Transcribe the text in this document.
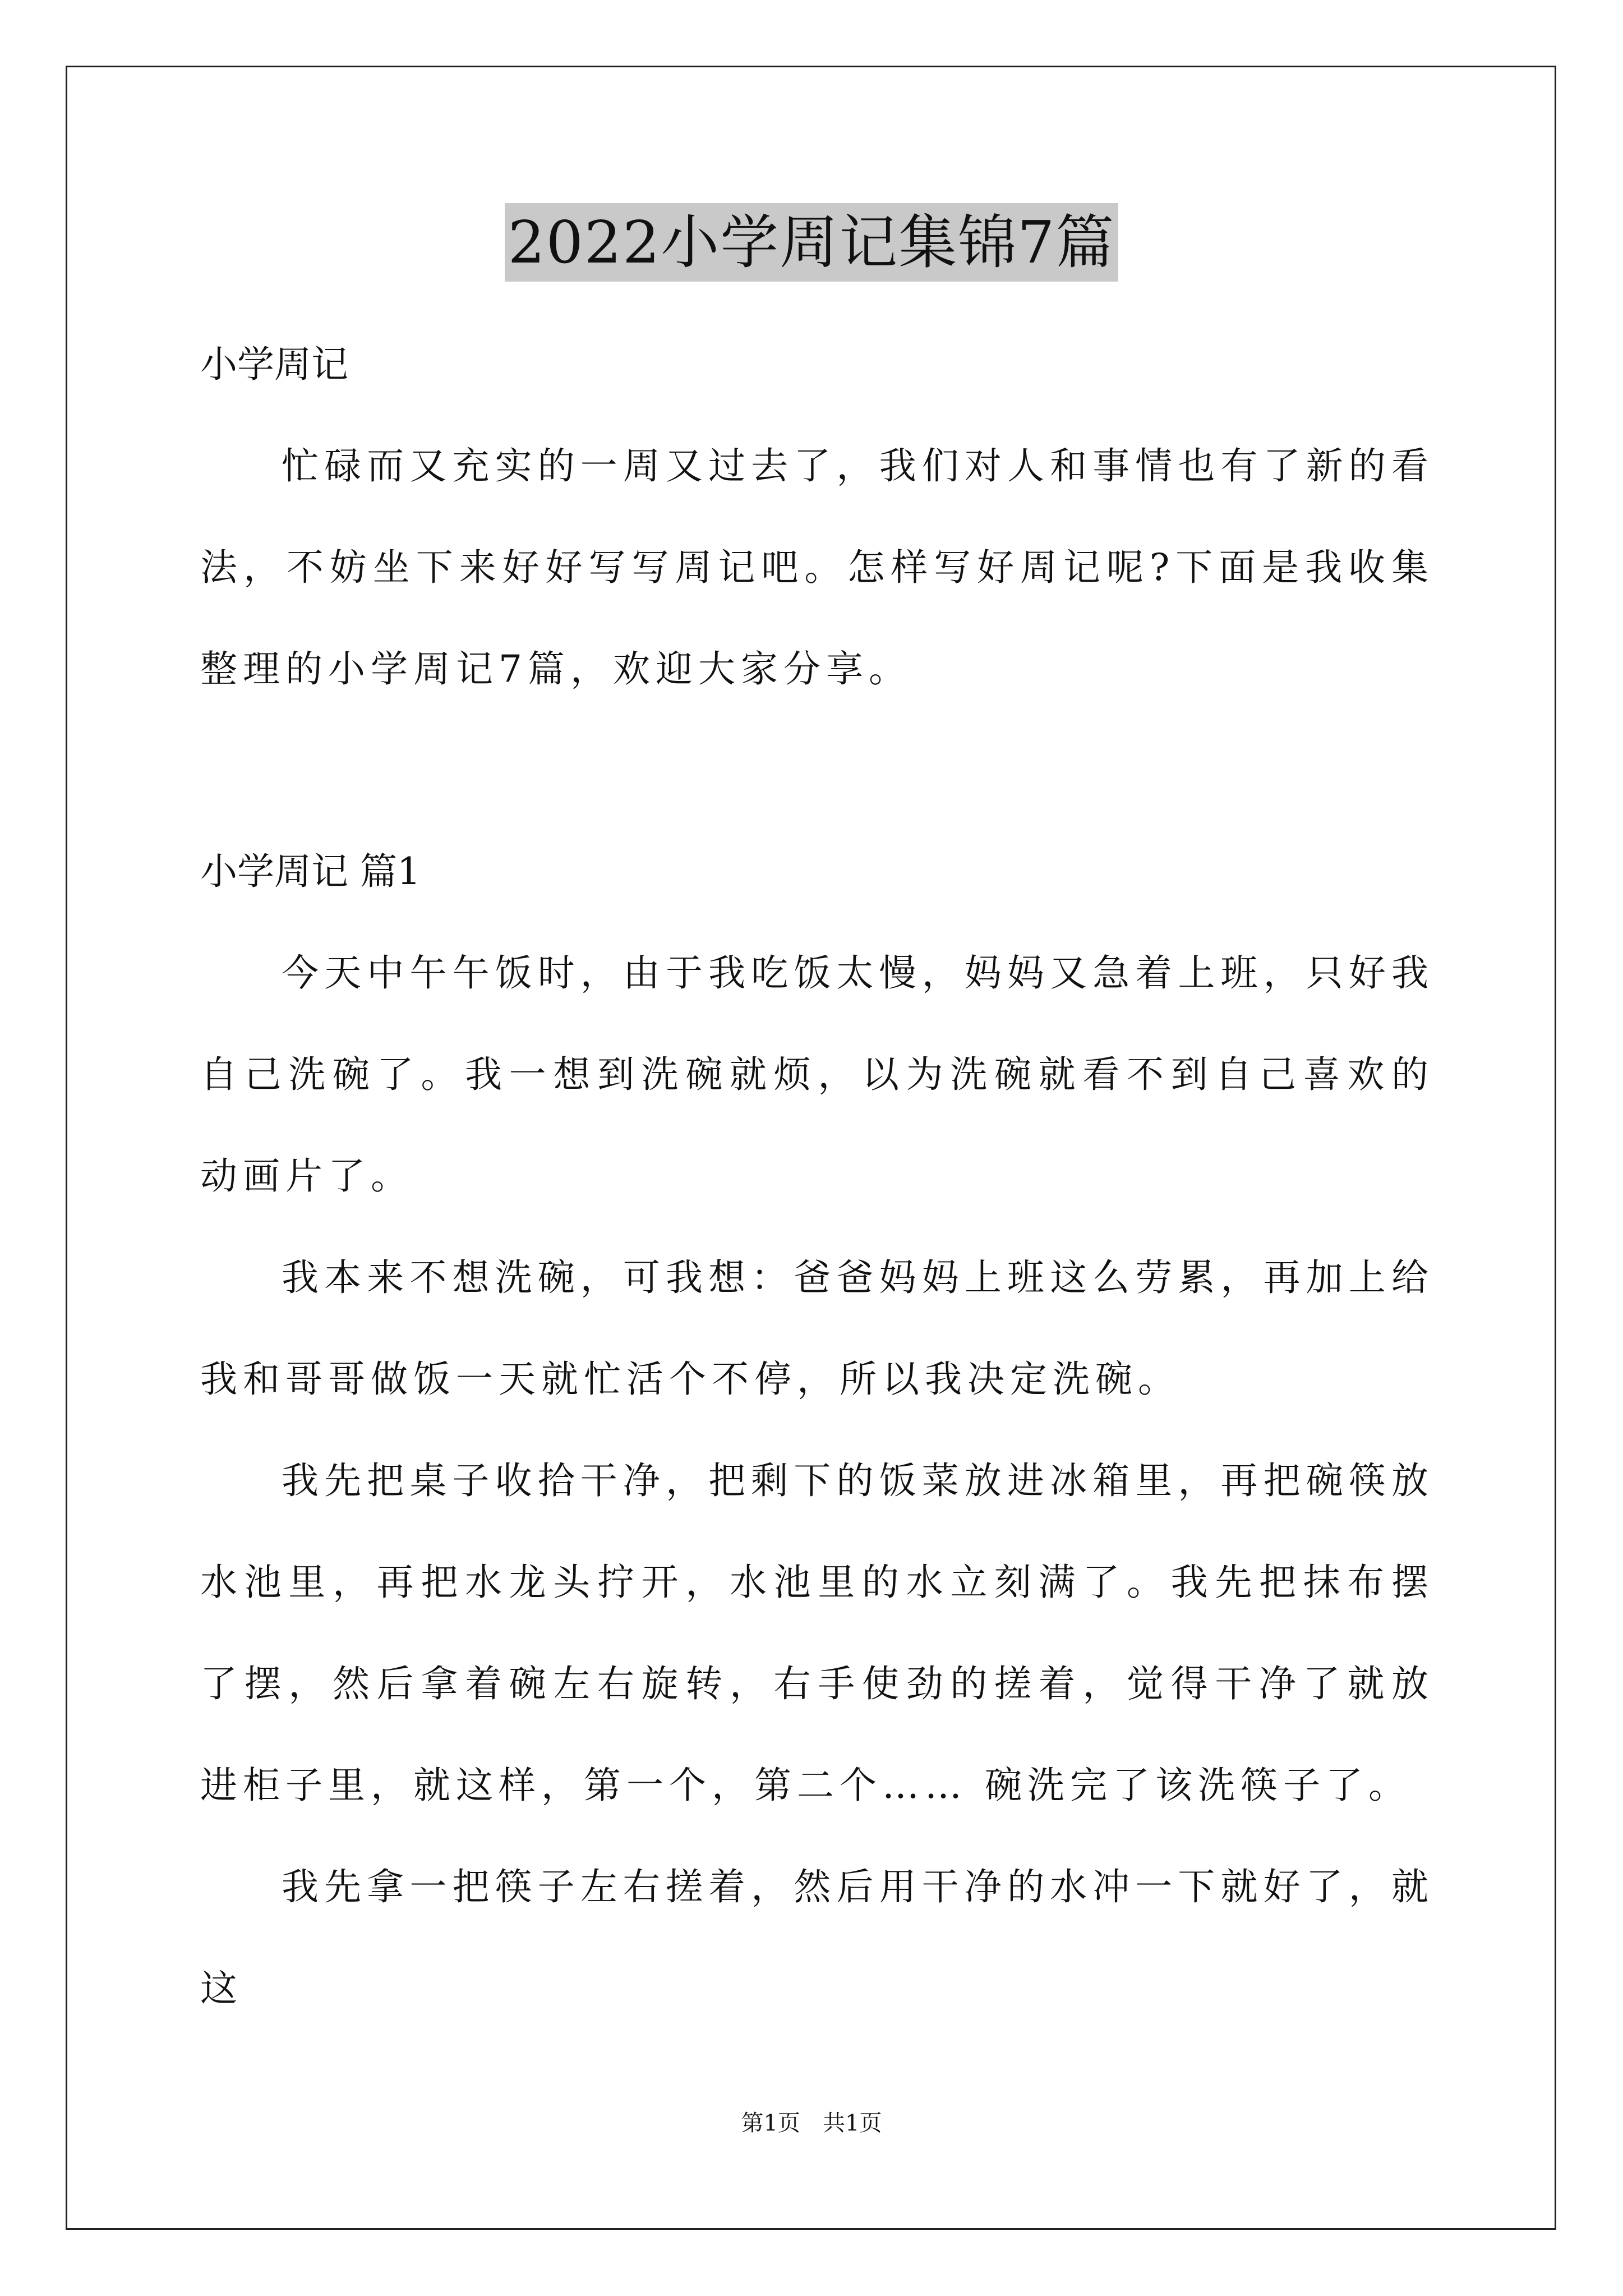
2022小学周记集锦7篇

小学周记

忙碌而又充实的一周又过去了，我们对人和事情也有了新的看法，不妨坐下来好好写写周记吧。怎样写好周记呢?下面是我收集整理的小学周记7篇，欢迎大家分享。

小学周记 篇1

今天中午午饭时，由于我吃饭太慢，妈妈又急着上班，只好我自己洗碗了。我一想到洗碗就烦，以为洗碗就看不到自己喜欢的动画片了。

我本来不想洗碗，可我想：爸爸妈妈上班这么劳累，再加上给我和哥哥做饭一天就忙活个不停，所以我决定洗碗。

我先把桌子收拾干净，把剩下的饭菜放进冰箱里，再把碗筷放水池里，再把水龙头拧开，水池里的水立刻满了。我先把抹布摆了摆，然后拿着碗左右旋转，右手使劲的搓着，觉得干净了就放进柜子里，就这样，第一个，第二个…… 碗洗完了该洗筷子了。

我先拿一把筷子左右搓着，然后用干净的水冲一下就好了，就这

第1页　共1页
